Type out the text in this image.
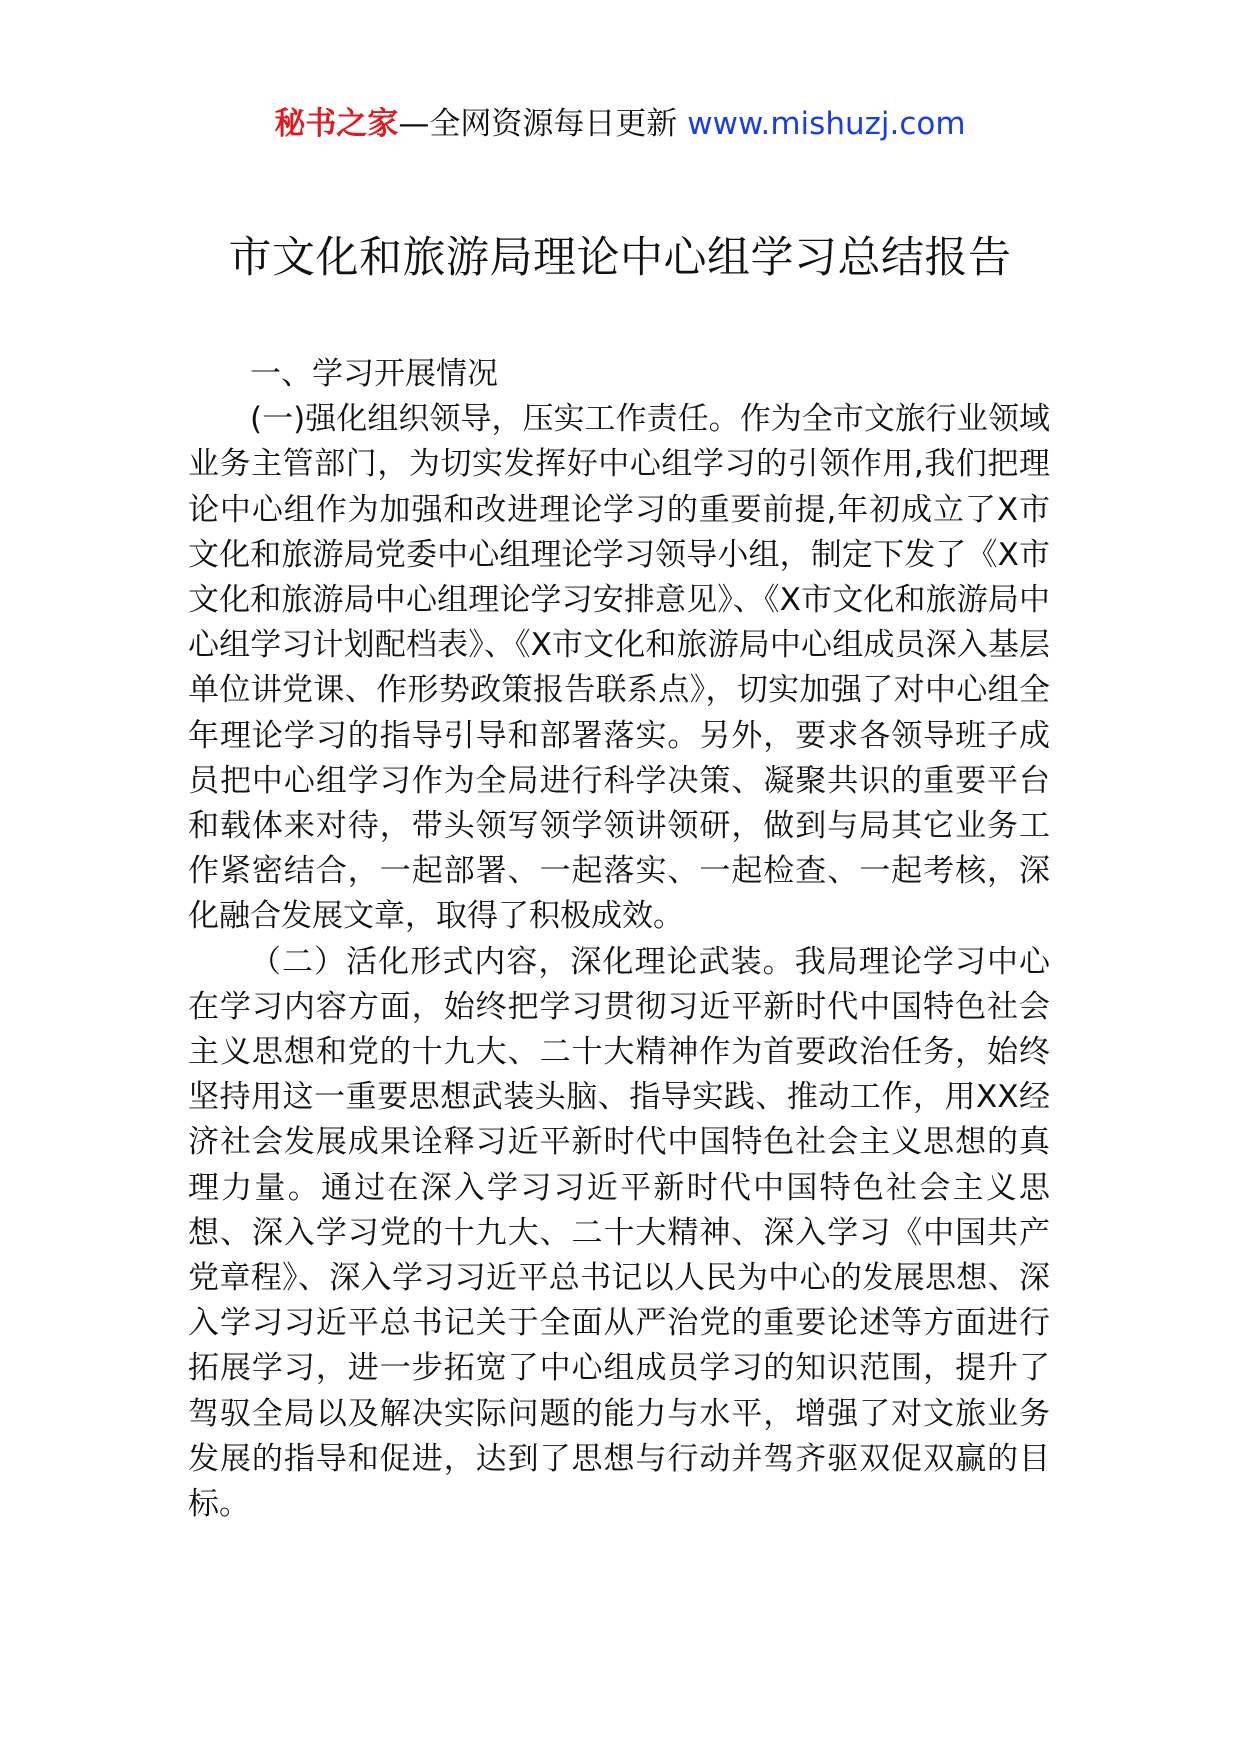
秘书之家—全网资源每日更新 www.mishuzj.com
市文化和旅游局理论中心组学习总结报告

一、学习开展情况

(一)强化组织领导，压实工作责任。作为全市文旅行业领域业务主管部门，为切实发挥好中心组学习的引领作用,我们把理论中心组作为加强和改进理论学习的重要前提,年初成立了X市文化和旅游局党委中心组理论学习领导小组，制定下发了《X市文化和旅游局中心组理论学习安排意见》、《X市文化和旅游局中心组学习计划配档表》、《X市文化和旅游局中心组成员深入基层单位讲党课、作形势政策报告联系点》，切实加强了对中心组全年理论学习的指导引导和部署落实。另外，要求各领导班子成员把中心组学习作为全局进行科学决策、凝聚共识的重要平台和载体来对待，带头领写领学领讲领研，做到与局其它业务工作紧密结合，一起部署、一起落实、一起检查、一起考核，深化融合发展文章，取得了积极成效。

（二）活化形式内容，深化理论武装。我局理论学习中心在学习内容方面，始终把学习贯彻习近平新时代中国特色社会主义思想和党的十九大、二十大精神作为首要政治任务，始终坚持用这一重要思想武装头脑、指导实践、推动工作，用XX经济社会发展成果诠释习近平新时代中国特色社会主义思想的真理力量。通过在深入学习习近平新时代中国特色社会主义思想、深入学习党的十九大、二十大精神、深入学习《中国共产党章程》、深入学习习近平总书记以人民为中心的发展思想、深入学习习近平总书记关于全面从严治党的重要论述等方面进行拓展学习，进一步拓宽了中心组成员学习的知识范围，提升了驾驭全局以及解决实际问题的能力与水平，增强了对文旅业务发展的指导和促进，达到了思想与行动并驾齐驱双促双赢的目标。
